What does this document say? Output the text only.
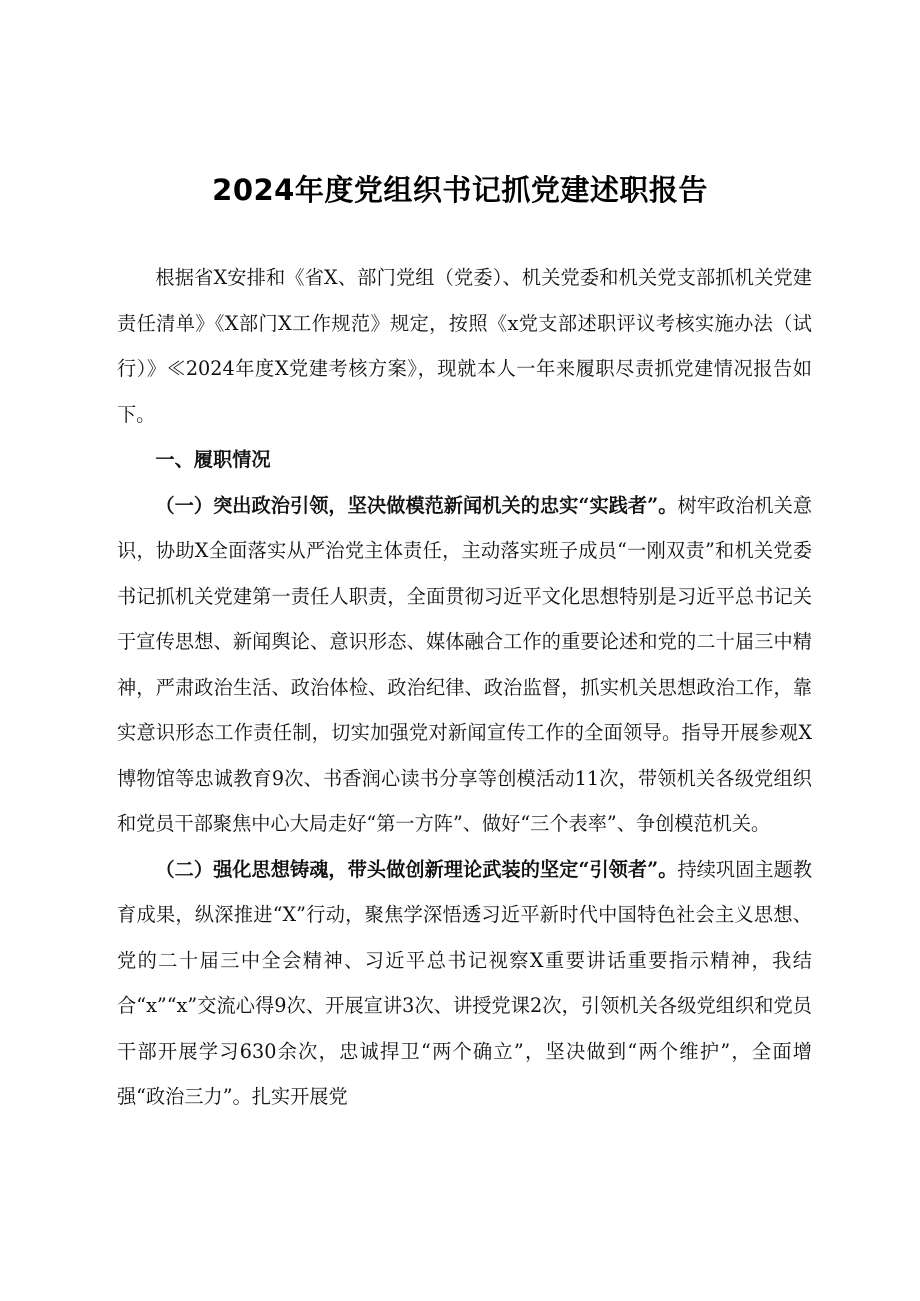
2024年度党组织书记抓党建述职报告

根据省X安排和《省X、部门党组（党委）、机关党委和机关党支部抓机关党建责任清单》《X部门X工作规范》规定，按照《x党支部述职评议考核实施办法（试行）》≪2024年度X党建考核方案》，现就本人一年来履职尽责抓党建情况报告如下。

一、履职情况

（一）突出政治引领，坚决做模范新闻机关的忠实“实践者”。树牢政治机关意识，协助X全面落实从严治党主体责任，主动落实班子成员“一刚双责”和机关党委书记抓机关党建第一责任人职责，全面贯彻习近平文化思想特别是习近平总书记关于宣传思想、新闻舆论、意识形态、媒体融合工作的重要论述和党的二十届三中精神，严肃政治生活、政治体检、政治纪律、政治监督，抓实机关思想政治工作，靠实意识形态工作责任制，切实加强党对新闻宣传工作的全面领导。指导开展参观X博物馆等忠诚教育9次、书香润心读书分享等创模活动11次，带领机关各级党组织和党员干部聚焦中心大局走好“第一方阵”、做好“三个表率”、争创模范机关。

（二）强化思想铸魂，带头做创新理论武装的坚定“引领者”。持续巩固主题教育成果，纵深推进“X”行动，聚焦学深悟透习近平新时代中国特色社会主义思想、党的二十届三中全会精神、习近平总书记视察X重要讲话重要指示精神，我结合“x”“x”交流心得9次、开展宣讲3次、讲授党课2次，引领机关各级党组织和党员干部开展学习630余次，忠诚捍卫“两个确立”，坚决做到“两个维护”，全面增强“政治三力”。扎实开展党
